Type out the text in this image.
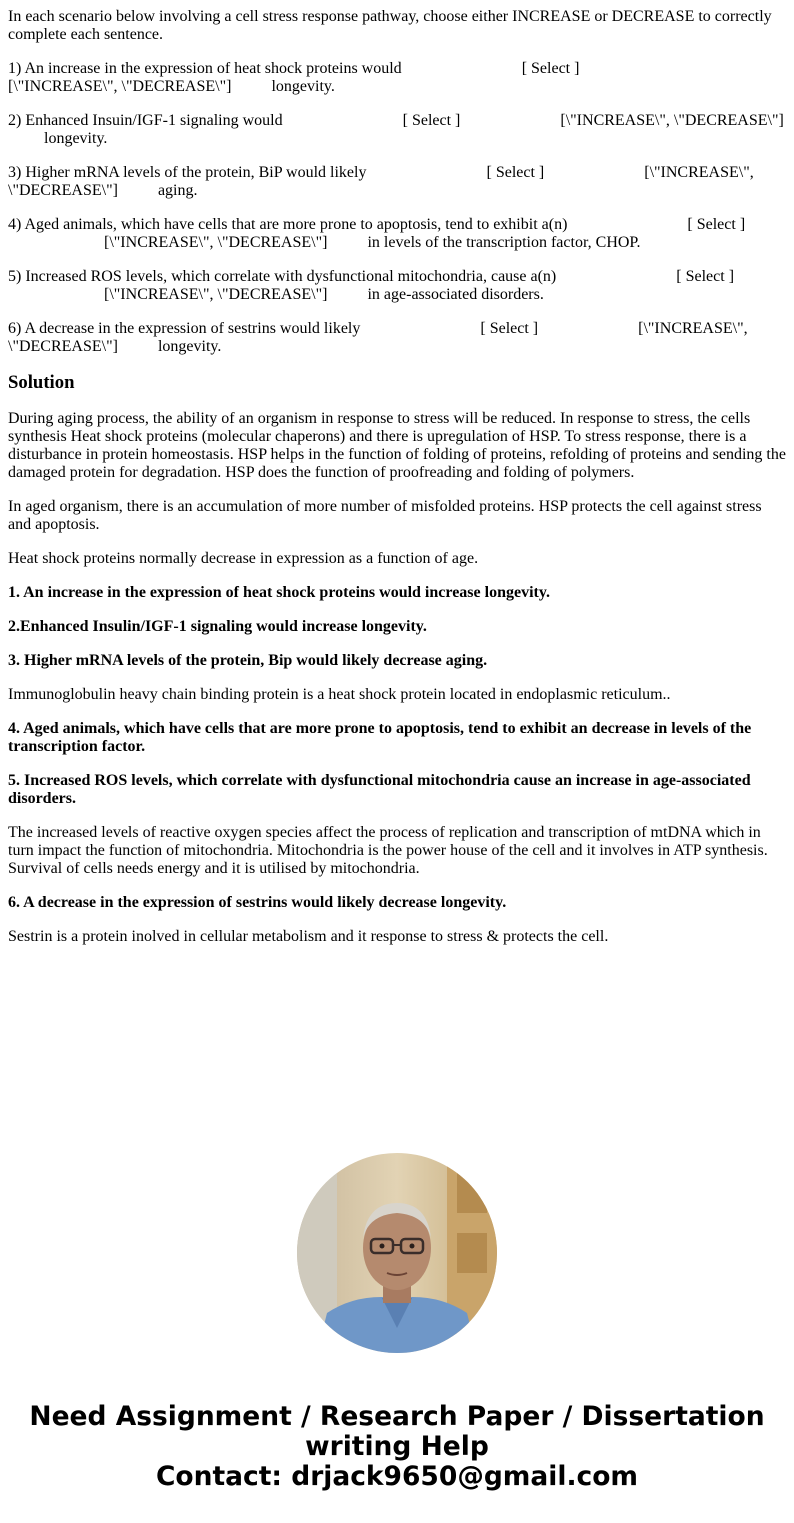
In each scenario below involving a cell stress response pathway, choose either INCREASE or DECREASE to correctly complete each sentence.

1) An increase in the expression of heat shock proteins would	[ Select ]  [\"INCREASE\", \"DECREASE\"]	longevity.

2) Enhanced Insuin/IGF-1 signaling would	[ Select ]	[\"INCREASE\", \"DECREASE\"]  longevity.

3) Higher mRNA levels of the protein, BiP would likely	[ Select ]	[\"INCREASE\", \"DECREASE\"]	aging.

4) Aged animals, which have cells that are more prone to apoptosis, tend to exhibit a(n)	[ Select ]  [\"INCREASE\", \"DECREASE\"]	in levels of the transcription factor, CHOP.

5) Increased ROS levels, which correlate with dysfunctional mitochondria, cause a(n)	[ Select ]  [\"INCREASE\", \"DECREASE\"]	in age-associated disorders.

6) A decrease in the expression of sestrins would likely	[ Select ]	[\"INCREASE\", \"DECREASE\"]	longevity.

Solution

During aging process, the ability of an organism in response to stress will be reduced. In response to stress, the cells synthesis Heat shock proteins (molecular chaperons) and there is upregulation of HSP. To stress response, there is a disturbance in protein homeostasis. HSP helps in the function of folding of proteins, refolding of proteins and sending the damaged protein for degradation. HSP does the function of proofreading and folding of polymers.

In aged organism, there is an accumulation of more number of misfolded proteins. HSP protects the cell against stress and apoptosis.

Heat shock proteins normally decrease in expression as a function of age.

1. An increase in the expression of heat shock proteins would increase longevity.

2.Enhanced Insulin/IGF-1 signaling would increase longevity.

3. Higher mRNA levels of the protein, Bip would likely decrease aging.

Immunoglobulin heavy chain binding protein is a heat shock protein located in endoplasmic reticulum..

4. Aged animals, which have cells that are more prone to apoptosis, tend to exhibit an decrease in levels of the transcription factor.

5. Increased ROS levels, which correlate with dysfunctional mitochondria cause an increase in age-associated disorders.

The increased levels of reactive oxygen species affect the process of replication and transcription of mtDNA which in turn impact the function of mitochondria. Mitochondria is the power house of the cell and it involves in ATP synthesis. Survival of cells needs energy and it is utilised by mitochondria.

6. A decrease in the expression of sestrins would likely decrease longevity.

Sestrin is a protein inolved in cellular metabolism and it response to stress & protects the cell.

Need Assignment / Research Paper / Dissertation writing Help
Contact: drjack9650@gmail.com
